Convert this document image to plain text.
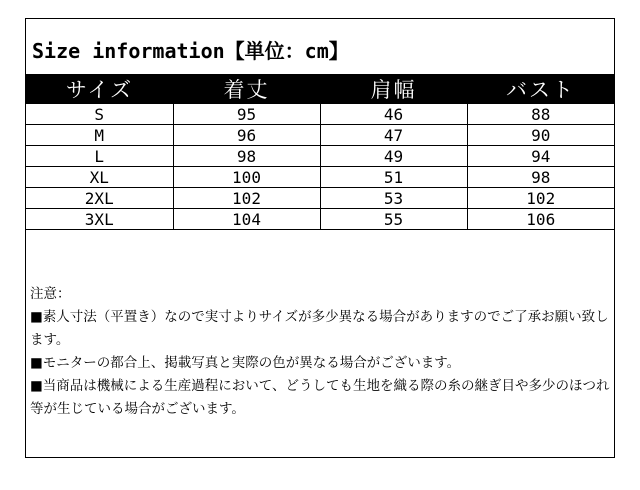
Size information【単位：cm】
サイズ	着丈	肩幅	バスト
S	95	46	88
M	96	47	90
L	98	49	94
XL	100	51	98
2XL	102	53	102
3XL	104	55	106

注意：

■素人寸法（平置き）なので実寸よりサイズが多少異なる場合がありますのでご了承お願い致します。

■モニターの都合上、掲載写真と実際の色が異なる場合がございます。

■当商品は機械による生産過程において、どうしても生地を織る際の糸の継ぎ目や多少のほつれ等が生じている場合がございます。
